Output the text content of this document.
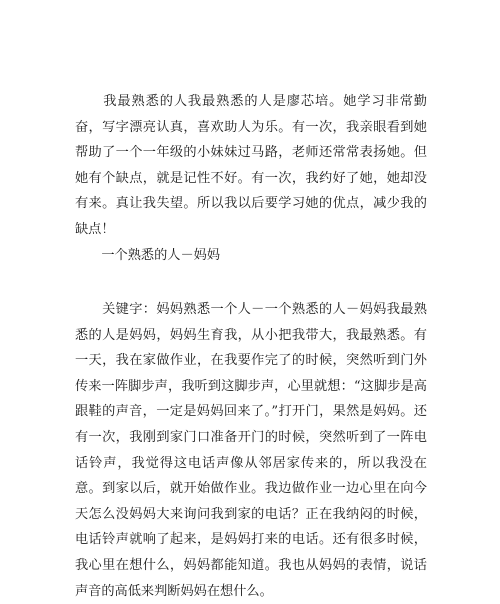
　　我最熟悉的人我最熟悉的人是廖芯培。她学习非常勤奋，写字漂亮认真，喜欢助人为乐。有一次，我亲眼看到她帮助了一个一年级的小妹妹过马路，老师还常常表扬她。但她有个缺点，就是记性不好。有一次，我约好了她，她却没有来。真让我失望。所以我以后要学习她的优点，减少我的缺点！

　　一个熟悉的人－妈妈

　　关键字：妈妈熟悉一个人－一个熟悉的人－妈妈我最熟悉的人是妈妈，妈妈生育我，从小把我带大，我最熟悉。有一天，我在家做作业，在我要作完了的时候，突然听到门外传来一阵脚步声，我听到这脚步声，心里就想：“这脚步是高跟鞋的声音，一定是妈妈回来了。”打开门，果然是妈妈。还有一次，我刚到家门口准备开门的时候，突然听到了一阵电话铃声，我觉得这电话声像从邻居家传来的，所以我没在意。到家以后，就开始做作业。我边做作业一边心里在向今天怎么没妈妈大来询问我到家的电话？正在我纳闷的时候，电话铃声就响了起来，是妈妈打来的电话。还有很多时候，我心里在想什么，妈妈都能知道。我也从妈妈的表情，说话声音的高低来判断妈妈在想什么。
